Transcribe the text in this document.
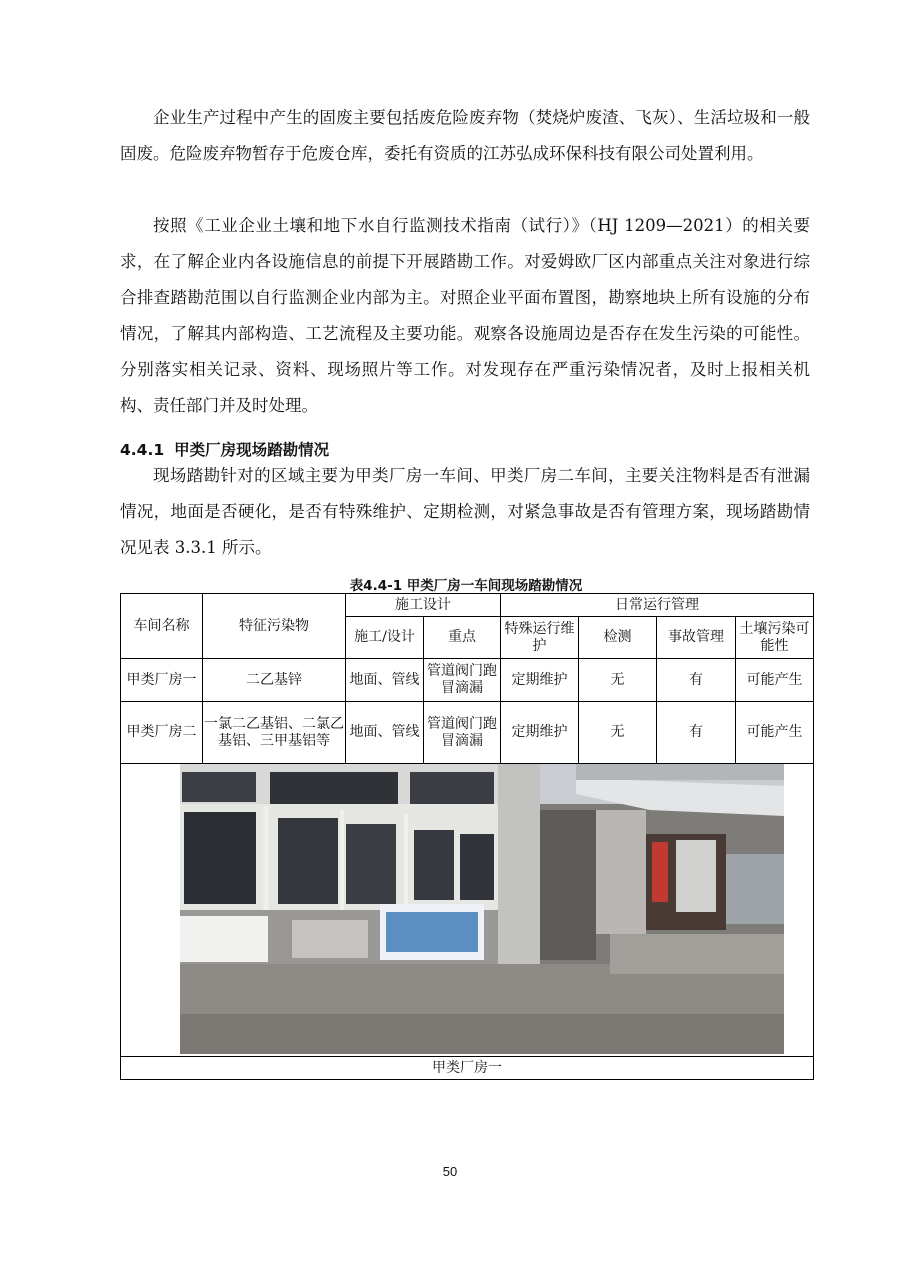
企业生产过程中产生的固废主要包括废危险废弃物（焚烧炉废渣、飞灰）、生活垃圾和一般固废。危险废弃物暂存于危废仓库，委托有资质的江苏弘成环保科技有限公司处置利用。

按照《工业企业土壤和地下水自行监测技术指南（试行）》（HJ 1209—2021）的相关要求，在了解企业内各设施信息的前提下开展踏勘工作。对爱姆欧厂区内部重点关注对象进行综合排查踏勘范围以自行监测企业内部为主。对照企业平面布置图，勘察地块上所有设施的分布情况，了解其内部构造、工艺流程及主要功能。观察各设施周边是否存在发生污染的可能性。分别落实相关记录、资料、现场照片等工作。对发现存在严重污染情况者，及时上报相关机构、责任部门并及时处理。

4.4.1 甲类厂房现场踏勘情况

现场踏勘针对的区域主要为甲类厂房一车间、甲类厂房二车间，主要关注物料是否有泄漏情况，地面是否硬化，是否有特殊维护、定期检测，对紧急事故是否有管理方案，现场踏勘情况见表 3.3.1 所示。

表4.4-1 甲类厂房一车间现场踏勘情况
车间名称	特征污染物	施工设计		日常运行管理			
		施工/设计	重点	特殊运行维护	检测	事故管理	土壤污染可能性
甲类厂房一	二乙基锌	地面、管线	管道阀门跑冒滴漏	定期维护	无	有	可能产生
甲类厂房二	一氯二乙基铝、二氯乙基铝、三甲基铝等	地面、管线	管道阀门跑冒滴漏	定期维护	无	有	可能产生

甲类厂房一							
50
